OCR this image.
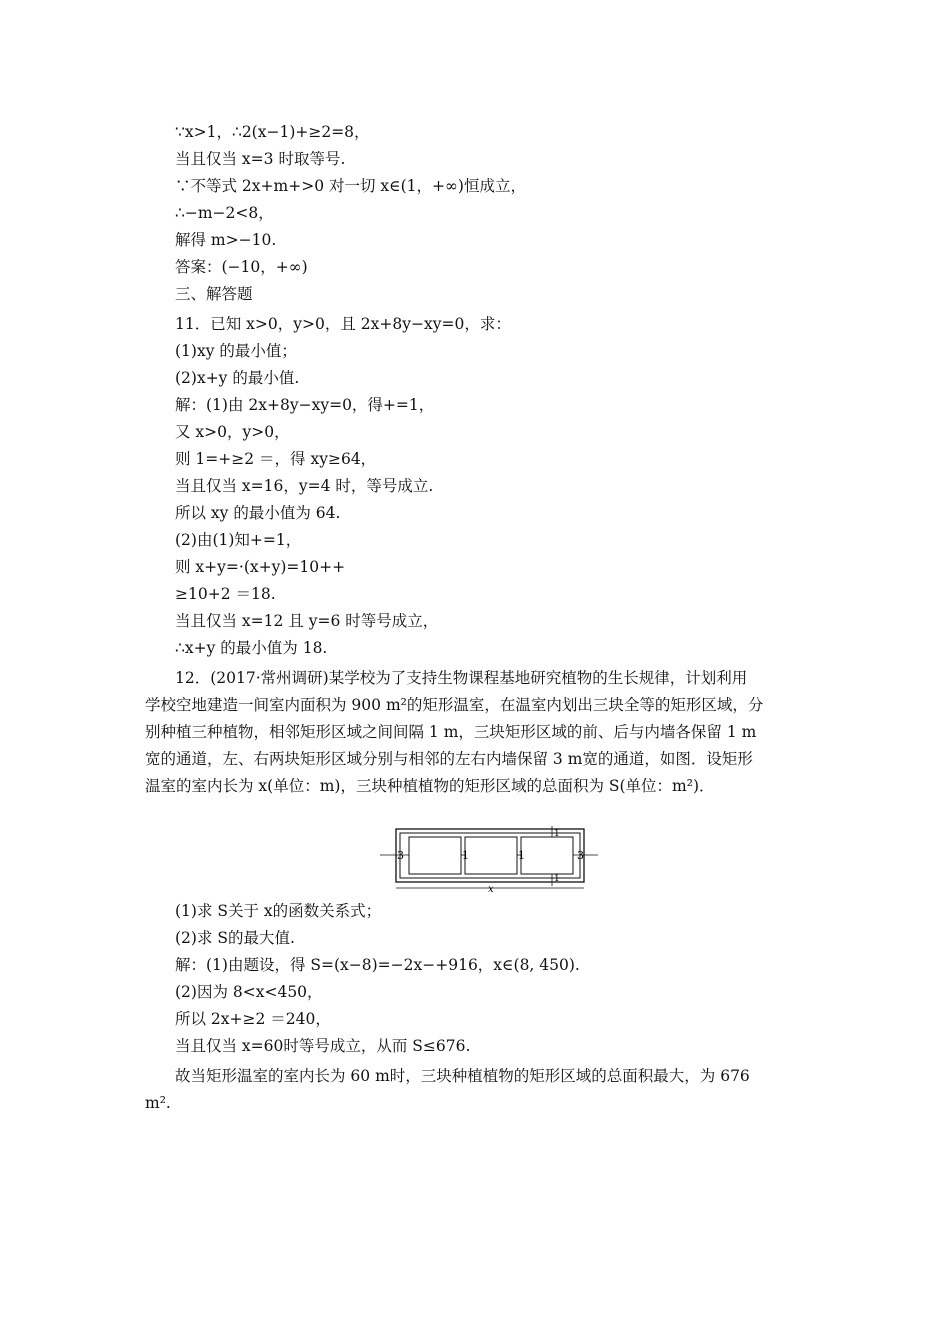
∵x>1，∴2(x−1)+≥2=8，
当且仅当 x=3 时取等号.
∵不等式 2x+m+>0 对一切 x∈(1，+∞)恒成立，
∴−m−2<8，
解得 m>−10.
答案：(−10，+∞)
三、解答题
11．已知 x>0，y>0，且 2x+8y−xy=0，求：
(1)xy 的最小值；
(2)x+y 的最小值.
解：(1)由 2x+8y−xy=0，得+=1，
又 x>0，y>0，
则 1=+≥2 ＝，得 xy≥64，
当且仅当 x=16，y=4 时，等号成立.
所以 xy 的最小值为 64.
(2)由(1)知+=1，
则 x+y=·(x+y)=10++
≥10+2 ＝18.
当且仅当 x=12 且 y=6 时等号成立，
∴x+y 的最小值为 18.
12．(2017·常州调研)某学校为了支持生物课程基地研究植物的生长规律，计划利用
学校空地建造一间室内面积为 900 m²的矩形温室，在温室内划出三块全等的矩形区域，分
别种植三种植物，相邻矩形区域之间间隔 1 m，三块矩形区域的前、后与内墙各保留 1 m
宽的通道，左、右两块矩形区域分别与相邻的左右内墙保留 3 m宽的通道，如图．设矩形
温室的室内长为 x(单位：m)，三块种植植物的矩形区域的总面积为 S(单位：m²)．
3	1	1	3
1
1
x
(1)求 S关于 x的函数关系式；
(2)求 S的最大值.
解：(1)由题设，得 S=(x−8)=−2x−+916，x∈(8, 450).
(2)因为 8<x<450，
所以 2x+≥2 ＝240，
当且仅当 x=60时等号成立，从而 S≤676.
故当矩形温室的室内长为 60 m时，三块种植植物的矩形区域的总面积最大，为 676
m².
